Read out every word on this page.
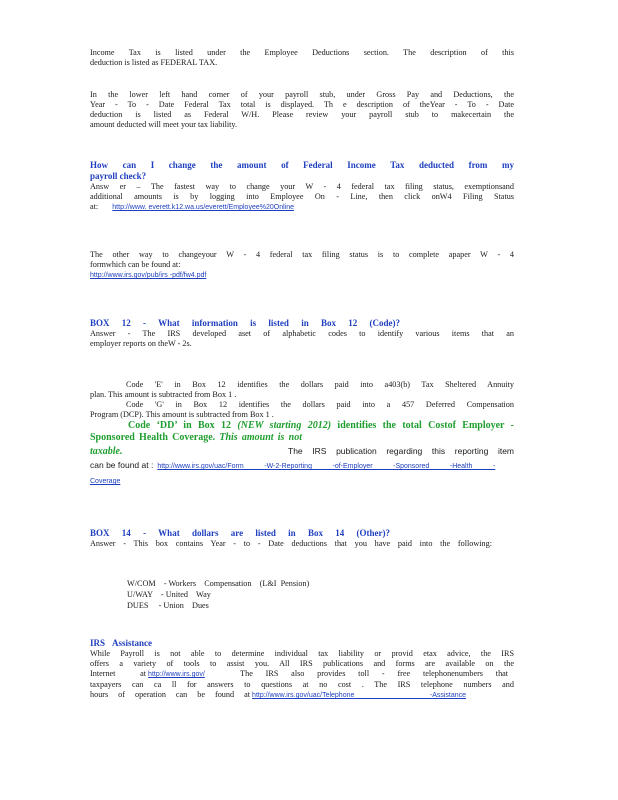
Income Tax is listed under the Employee Deductions section. The description of this
deduction is listed as FEDERAL TAX.
In the lower left hand corner of your payroll stub, under Gross Pay and Deductions, the
Year - To - Date Federal Tax total is displayed. Th e description of theYear - To - Date
deduction is listed as Federal W/H. Please review your payroll stub to makecertain the
amount deducted will meet your tax liability.
How can I change the amount of Federal Income Tax deducted from my
payroll check?
Answ er – The fastest way to change your W - 4 federal tax filing status, exemptionsand
additional amounts is by logging into Employee On - Line, then click onW4 Filing Status
at: http://www. everett.k12.wa.us/everett/Employee%20Online
The other way to changeyour W - 4 federal tax filing status is to complete apaper W - 4
formwhich can be found at:
http://www.irs.gov/pub/irs -pdf/fw4.pdf
BOX 12 - What information is listed in Box 12 (Code)?
Answer - The IRS developed aset of alphabetic codes to identify various items that an
employer reports on theW - 2s.
Code 'E' in Box 12 identifies the dollars paid into a403(b) Tax Sheltered Annuity
plan. This amount is subtracted from Box 1 .
Code 'G' in Box 12 identifies the dollars paid into a 457 Deferred Compensation
Program (DCP). This amount is subtracted from Box 1 .
Code ‘DD’ in Box 12 (NEW starting 2012) identifies the total Costof Employer -
Sponsored Health Coverage. This amount is not
taxable.	The IRS publication regarding this reporting item
can be found at : http://www.irs.gov/uac/Form -W-2-Reporting -of-Employer -Sponsored -Health -
Coverage
BOX 14 - What dollars are listed in Box 14 (Other)?
Answer - This box contains Year - to - Date deductions that you have paid into the following:
W/COM    - Workers    Compensation    (L&I  Pension)
U/WAY    - United    Way
DUES     - Union    Dues
IRS Assistance
While Payroll is not able to determine individual tax liability or provid etax advice, the IRS
offers a variety of tools to assist you. All IRS publications and forms are available on the
Internet at http://www.irs.gov/	The IRS also provides toll - free telephonenumbers that
taxpayers can ca ll for answers to questions at no cost . The IRS telephone numbers and
hours of operation can be found at http://www.irs.gov/uac/Telephone -Assistance
